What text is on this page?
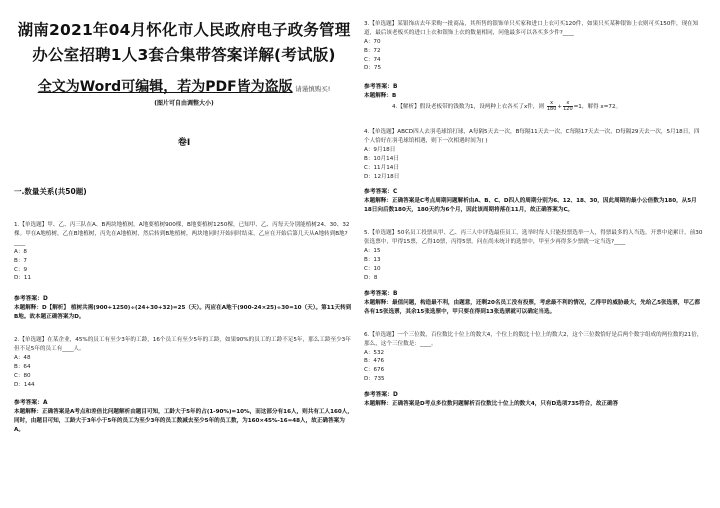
湖南2021年04月怀化市人民政府电子政务管理办公室招聘1人3套合集带答案详解(考试版)
全文为Word可编辑，若为PDF皆为盗版 请谨慎购买!
(图片可自由调整大小)
卷I
一.数量关系(共50题)
1.【单选题】甲、乙、丙三队在A、B两块地植树。A地要植树900棵，B地要植树1250棵，已知甲、乙、丙每天分别能植树24、30、32棵。甲在A地植树，乙在B地植树，丙先在A地植树，然后转到B地植树，两块地同时开始同时结束，乙应在开始后第几天从A地转到B地?____
A：8
B：7
C：9
D：11
参考答案：D
本题解释：D【解析】 植树共需(900+1250)÷(24+30+32)=25（天）。丙应在A地干(900-24×25)÷30=10（天）。第11天转到B地。故本题正确答案为D。
2.【单选题】在某企业，45%的员工有至少3年的工龄，16个员工有至少5年的工龄，如果90%的员工的工龄不足5年，那么工龄至少3年但不足5年的员工有____人。
A：48
B：64
C：80
D：144
参考答案：A
本题解释：正确答案是A考点和差倍比问题解析由题目可知，工龄大于5年的占(1-90%)=10%，而这部分有16人，则共有工人160人，同时，由题目可知，工龄大于3年小于5年的员工为至少3年的员工数减去至少5年的员工数，为160×45%-16=48人，故正确答案为A。
3.【单选题】某银饰店去年采购一批商品，其所售的银饰单只买家和进口上衣可买120件，如果只买某种银饰上衣则可买150件，现在知道，最后该老板买的进口上衣和银饰上衣的数量相同，问他最多可以各买多少件?____
A：70
B：72
C：74
D：75
参考答案：B
本题解释：B
4.【解析】假设老板带的钱数为1，设两种上衣各买了x件，则 $\frac{x}{180} + \frac{x}{120} =1$，解得 x=72。
4.【单选题】ABCD四人去羽毛球馆打球，A每隔5天去一次，B每隔11天去一次，C每隔17天去一次，D每隔29天去一次，5月18日，四个人恰好在羽毛球馆相遇，则下一次相遇时间为( )
A：9月18日
B：10月14日
C：11月14日
D：12月18日
参考答案：C
本题解释：正确答案是C考点周期问题解析由A、B、C、D四人的周期分别为6、12、18、30，因此周期的最小公倍数为180，从5月18日向后数180天，180天约为6个月，因此该周期将落在11月，故正确答案为C。
5.【单选题】50名员工投票从甲、乙、丙三人中评选最佳员工，选举时每人只能投票选举一人，得票最多的人当选。开票中途累计，前30张选票中，甲得15票，乙得10票，丙得5票。问在尚未统计的选票中，甲至少再得多少票就一定当选?____
A：15
B：13
C：10
D：8
参考答案：B
本题解释：最值问题，构造最不利，由题意，还剩20名员工没有投票，考虑最不利的情况，乙得甲的威胁最大，先给乙5张选票，甲乙都各有15张选票，其余15张选票中，甲只要在得到13张选票就可以确定当选。
6.【单选题】一个三位数，百位数比十位上的数大4，个位上的数比十位上的数大2，这个三位数恰好是后两个数字组成的两位数的21倍，那么，这个三位数是：____。
A：532
B：476
C：676
D：735
参考答案：D
本题解释：正确答案是D考点多位数问题解析百位数比十位上的数大4，只有D选项735符合，故正确答
